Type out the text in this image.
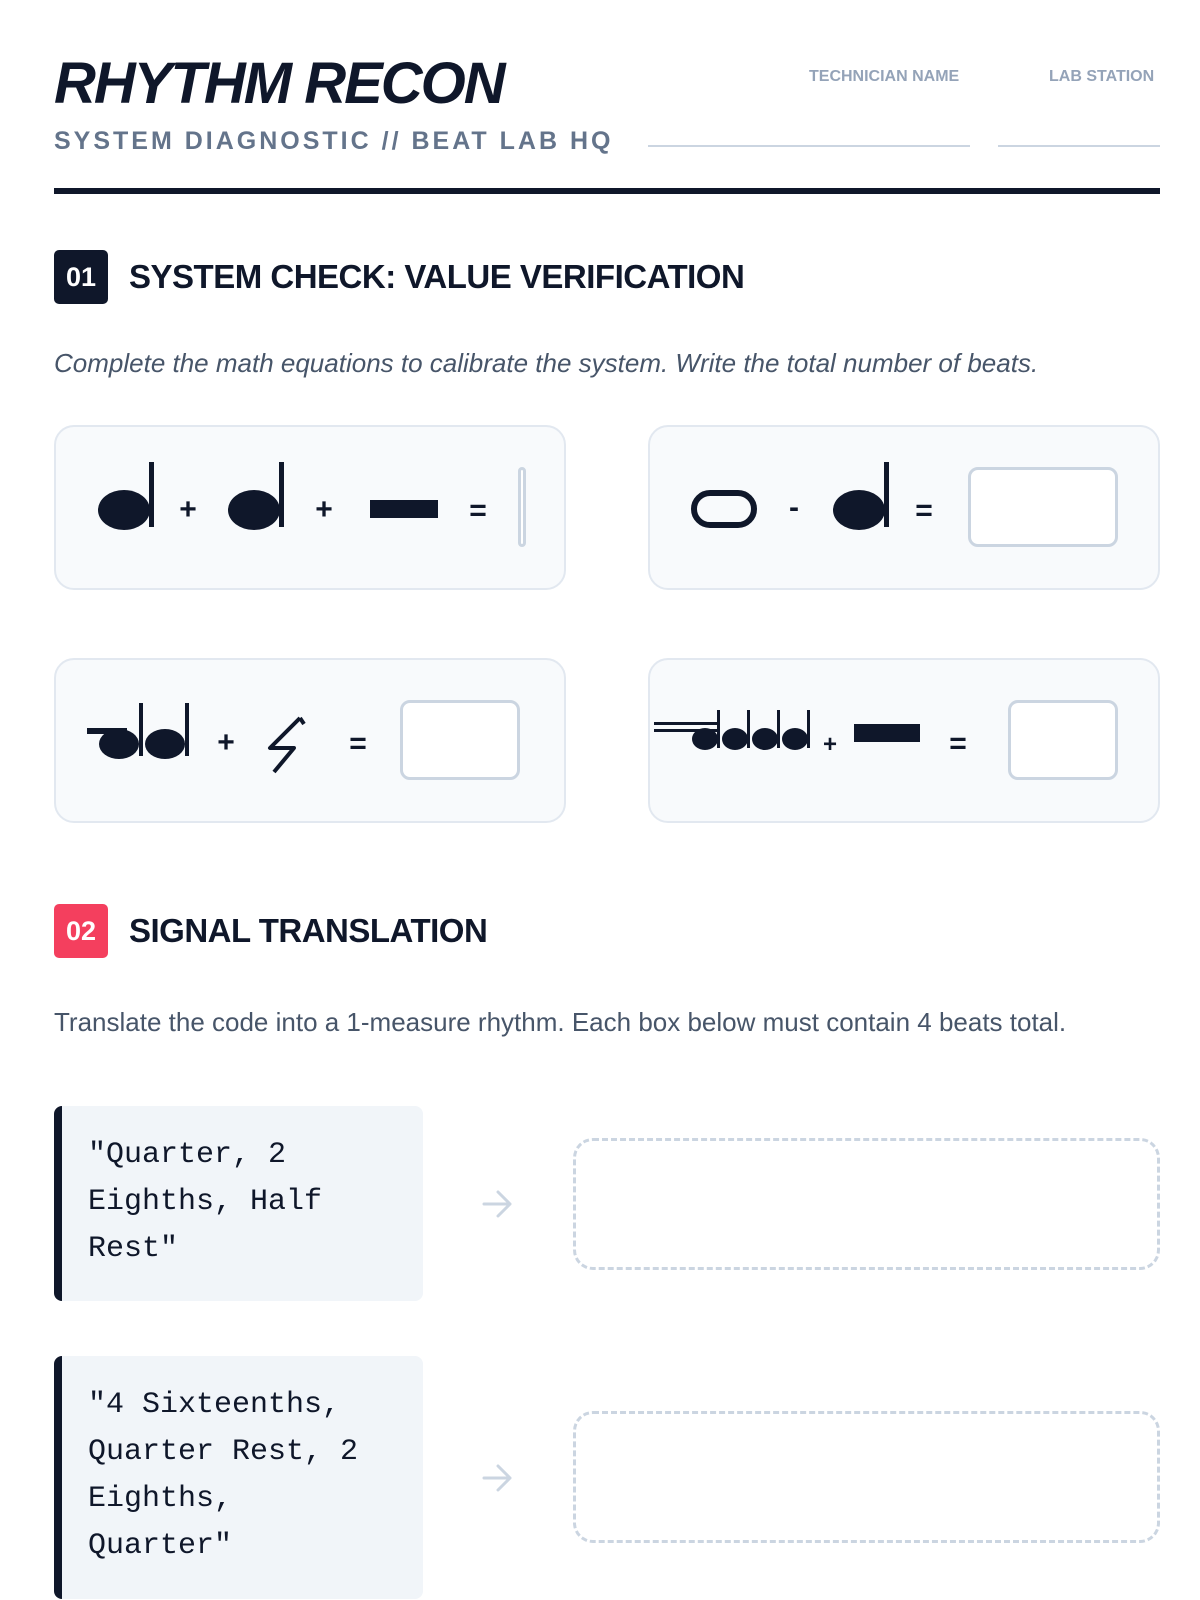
RHYTHM RECON
SYSTEM DIAGNOSTIC // BEAT LAB HQ
TECHNICIAN NAME	LAB STATION
01 SYSTEM CHECK: VALUE VERIFICATION
Complete the math equations to calibrate the system. Write the total number of beats.
+	+	=	-	=
+	=	+	=
02 SIGNAL TRANSLATION
Translate the code into a 1-measure rhythm. Each box below must contain 4 beats total.
"Quarter, 2
Eighths, Half
Rest"
"4 Sixteenths,
Quarter Rest, 2
Eighths,
Quarter"
